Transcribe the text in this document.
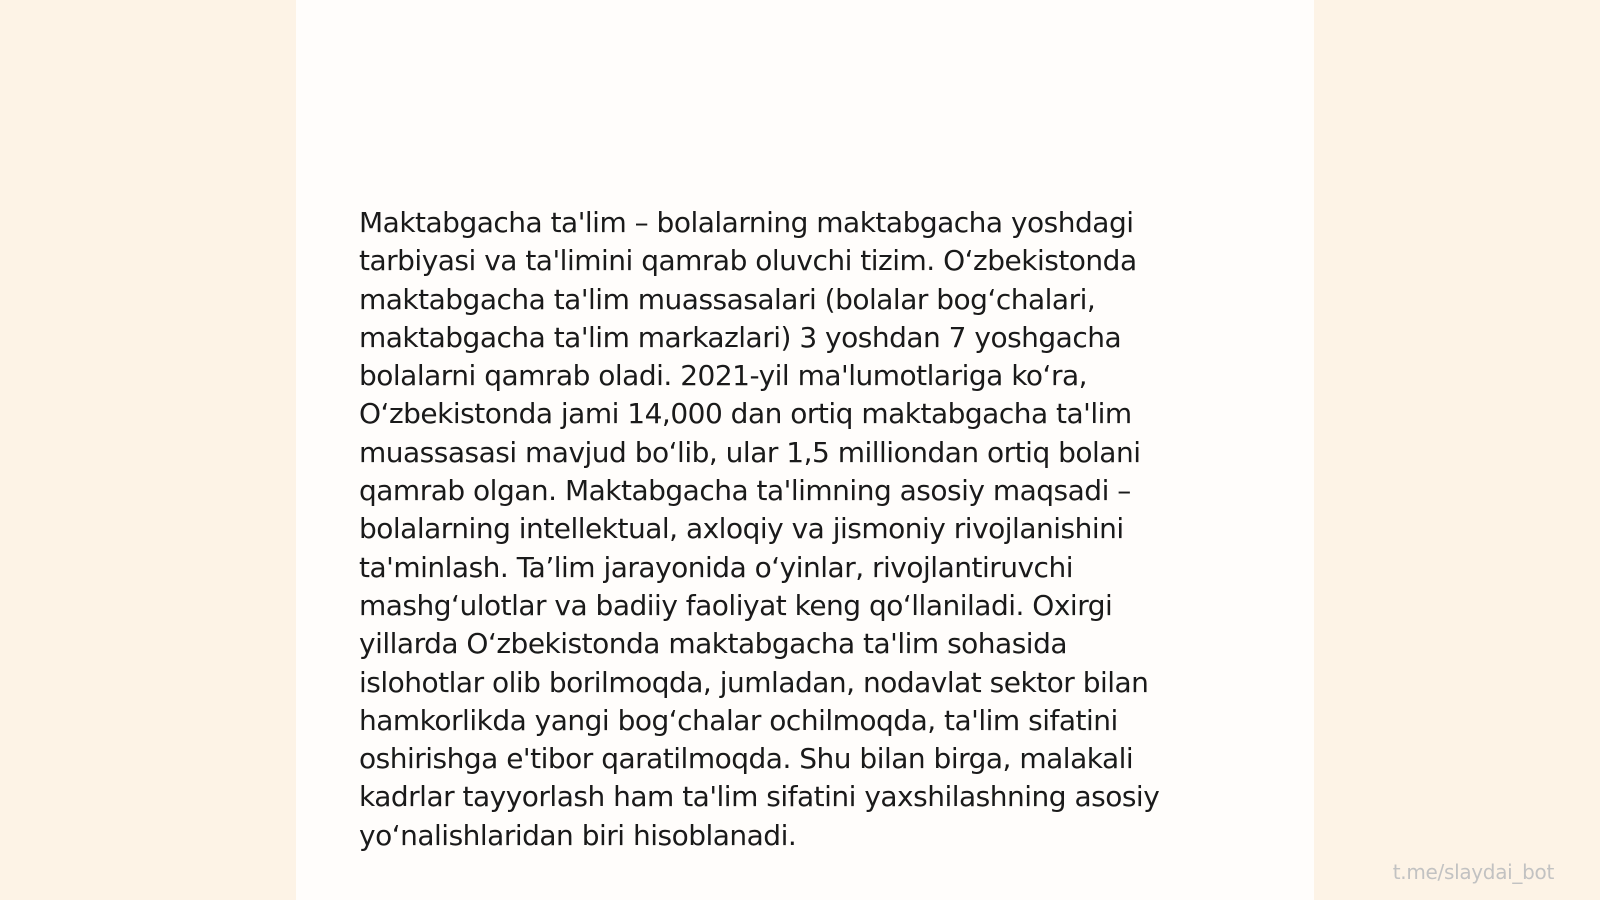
Maktabgacha ta'lim – bolalarning maktabgacha yoshdagi
tarbiyasi va ta'limini qamrab oluvchi tizim. O‘zbekistonda
maktabgacha ta'lim muassasalari (bolalar bog‘chalari,
maktabgacha ta'lim markazlari) 3 yoshdan 7 yoshgacha
bolalarni qamrab oladi. 2021-yil ma'lumotlariga ko‘ra,
O‘zbekistonda jami 14,000 dan ortiq maktabgacha ta'lim
muassasasi mavjud bo‘lib, ular 1,5 milliondan ortiq bolani
qamrab olgan. Maktabgacha ta'limning asosiy maqsadi –
bolalarning intellektual, axloqiy va jismoniy rivojlanishini
ta'minlash. Ta’lim jarayonida o‘yinlar, rivojlantiruvchi
mashg‘ulotlar va badiiy faoliyat keng qo‘llaniladi. Oxirgi
yillarda O‘zbekistonda maktabgacha ta'lim sohasida
islohotlar olib borilmoqda, jumladan, nodavlat sektor bilan
hamkorlikda yangi bog‘chalar ochilmoqda, ta'lim sifatini
oshirishga e'tibor qaratilmoqda. Shu bilan birga, malakali
kadrlar tayyorlash ham ta'lim sifatini yaxshilashning asosiy
yo‘nalishlaridan biri hisoblanadi.

t.me/slaydai_bot
